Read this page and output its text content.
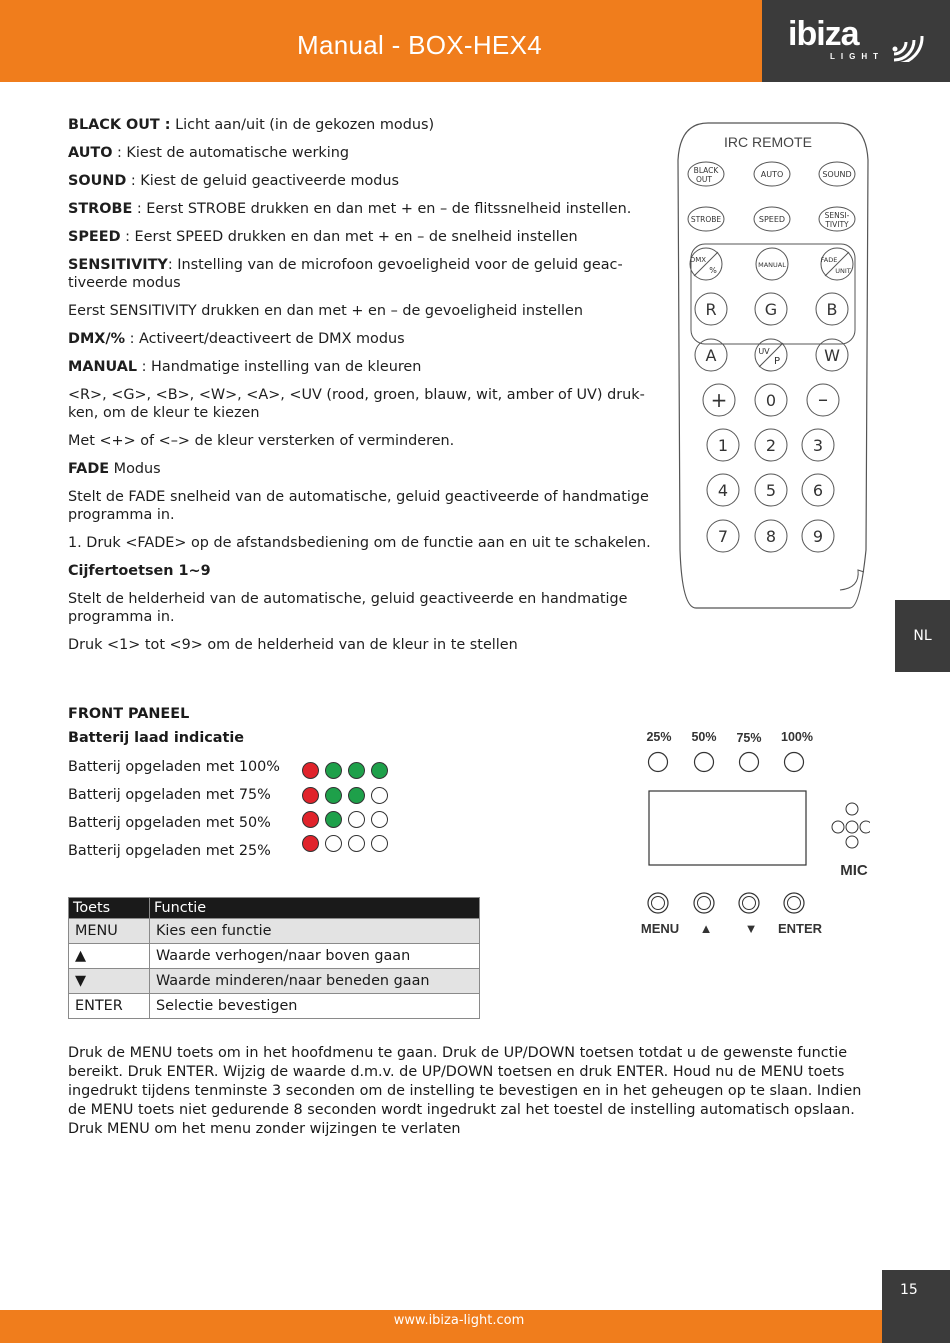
Manual - BOX-HEX4	ibiza
LIGHT

BLACK OUT : Licht aan/uit (in de gekozen modus)

AUTO : Kiest de automatische werking

SOUND : Kiest de geluid geactiveerde modus

STROBE : Eerst STROBE drukken en dan met + en – de flitssnelheid instellen.

SPEED : Eerst SPEED drukken en dan met + en – de snelheid instellen

SENSITIVITY: Instelling van de microfoon gevoeligheid voor de geluid geac-tiveerde modus

Eerst SENSITIVITY drukken en dan met + en – de gevoeligheid instellen

DMX/% : Activeert/deactiveert de DMX modus

MANUAL : Handmatige instelling van de kleuren

<R>, <G>, <B>, <W>, <A>, <UV (rood, groen, blauw, wit, amber of UV) druk-ken, om de kleur te kiezen

Met <+> of <–> de kleur versterken of verminderen.

FADE Modus

Stelt de FADE snelheid van de automatische, geluid geactiveerde of handmatige programma in.

1. Druk <FADE> op de afstandsbediening om de functie aan en uit te schakelen.

Cijfertoetsen 1~9

Stelt de helderheid van de automatische, geluid geactiveerde en handmatige programma in.

Druk <1> tot <9> om de helderheid van de kleur in te stellen

IRC REMOTE
BLACK
OUT
AUTO	SOUND
STROBE	SPEED	SENSI-
TIVITY
DMX
%
MANUAL
FADE
UNIT
R	G	B
A	UV
P	W
+ 0 –
1 2 3
4 5 6
7 8 9
NL
FRONT PANEEL
Batterij laad indicatie
Batterij opgeladen met 100%
Batterij opgeladen met 75%
Batterij opgeladen met 50%
Batterij opgeladen met 25%
Toets	Functie
MENU	Kies een functie
▲	Waarde verhogen/naar boven gaan
▼	Waarde minderen/naar beneden gaan
ENTER	Selectie bevestigen
25% 50% 75% 100%
MIC
MENU ▲ ▼ ENTER
Druk de MENU toets om in het hoofdmenu te gaan. Druk de UP/DOWN toetsen totdat u de gewenste functie bereikt. Druk ENTER. Wijzig de waarde d.m.v. de UP/DOWN toetsen en druk ENTER. Houd nu de MENU toets ingedrukt tijdens tenminste 3 seconden om de instelling te bevestigen en in het geheugen op te slaan. Indien de MENU toets niet gedurende 8 seconden wordt ingedrukt zal het toestel de instelling automatisch opslaan. Druk MENU om het menu zonder wijzingen te verlaten
15
www.ibiza-light.com
